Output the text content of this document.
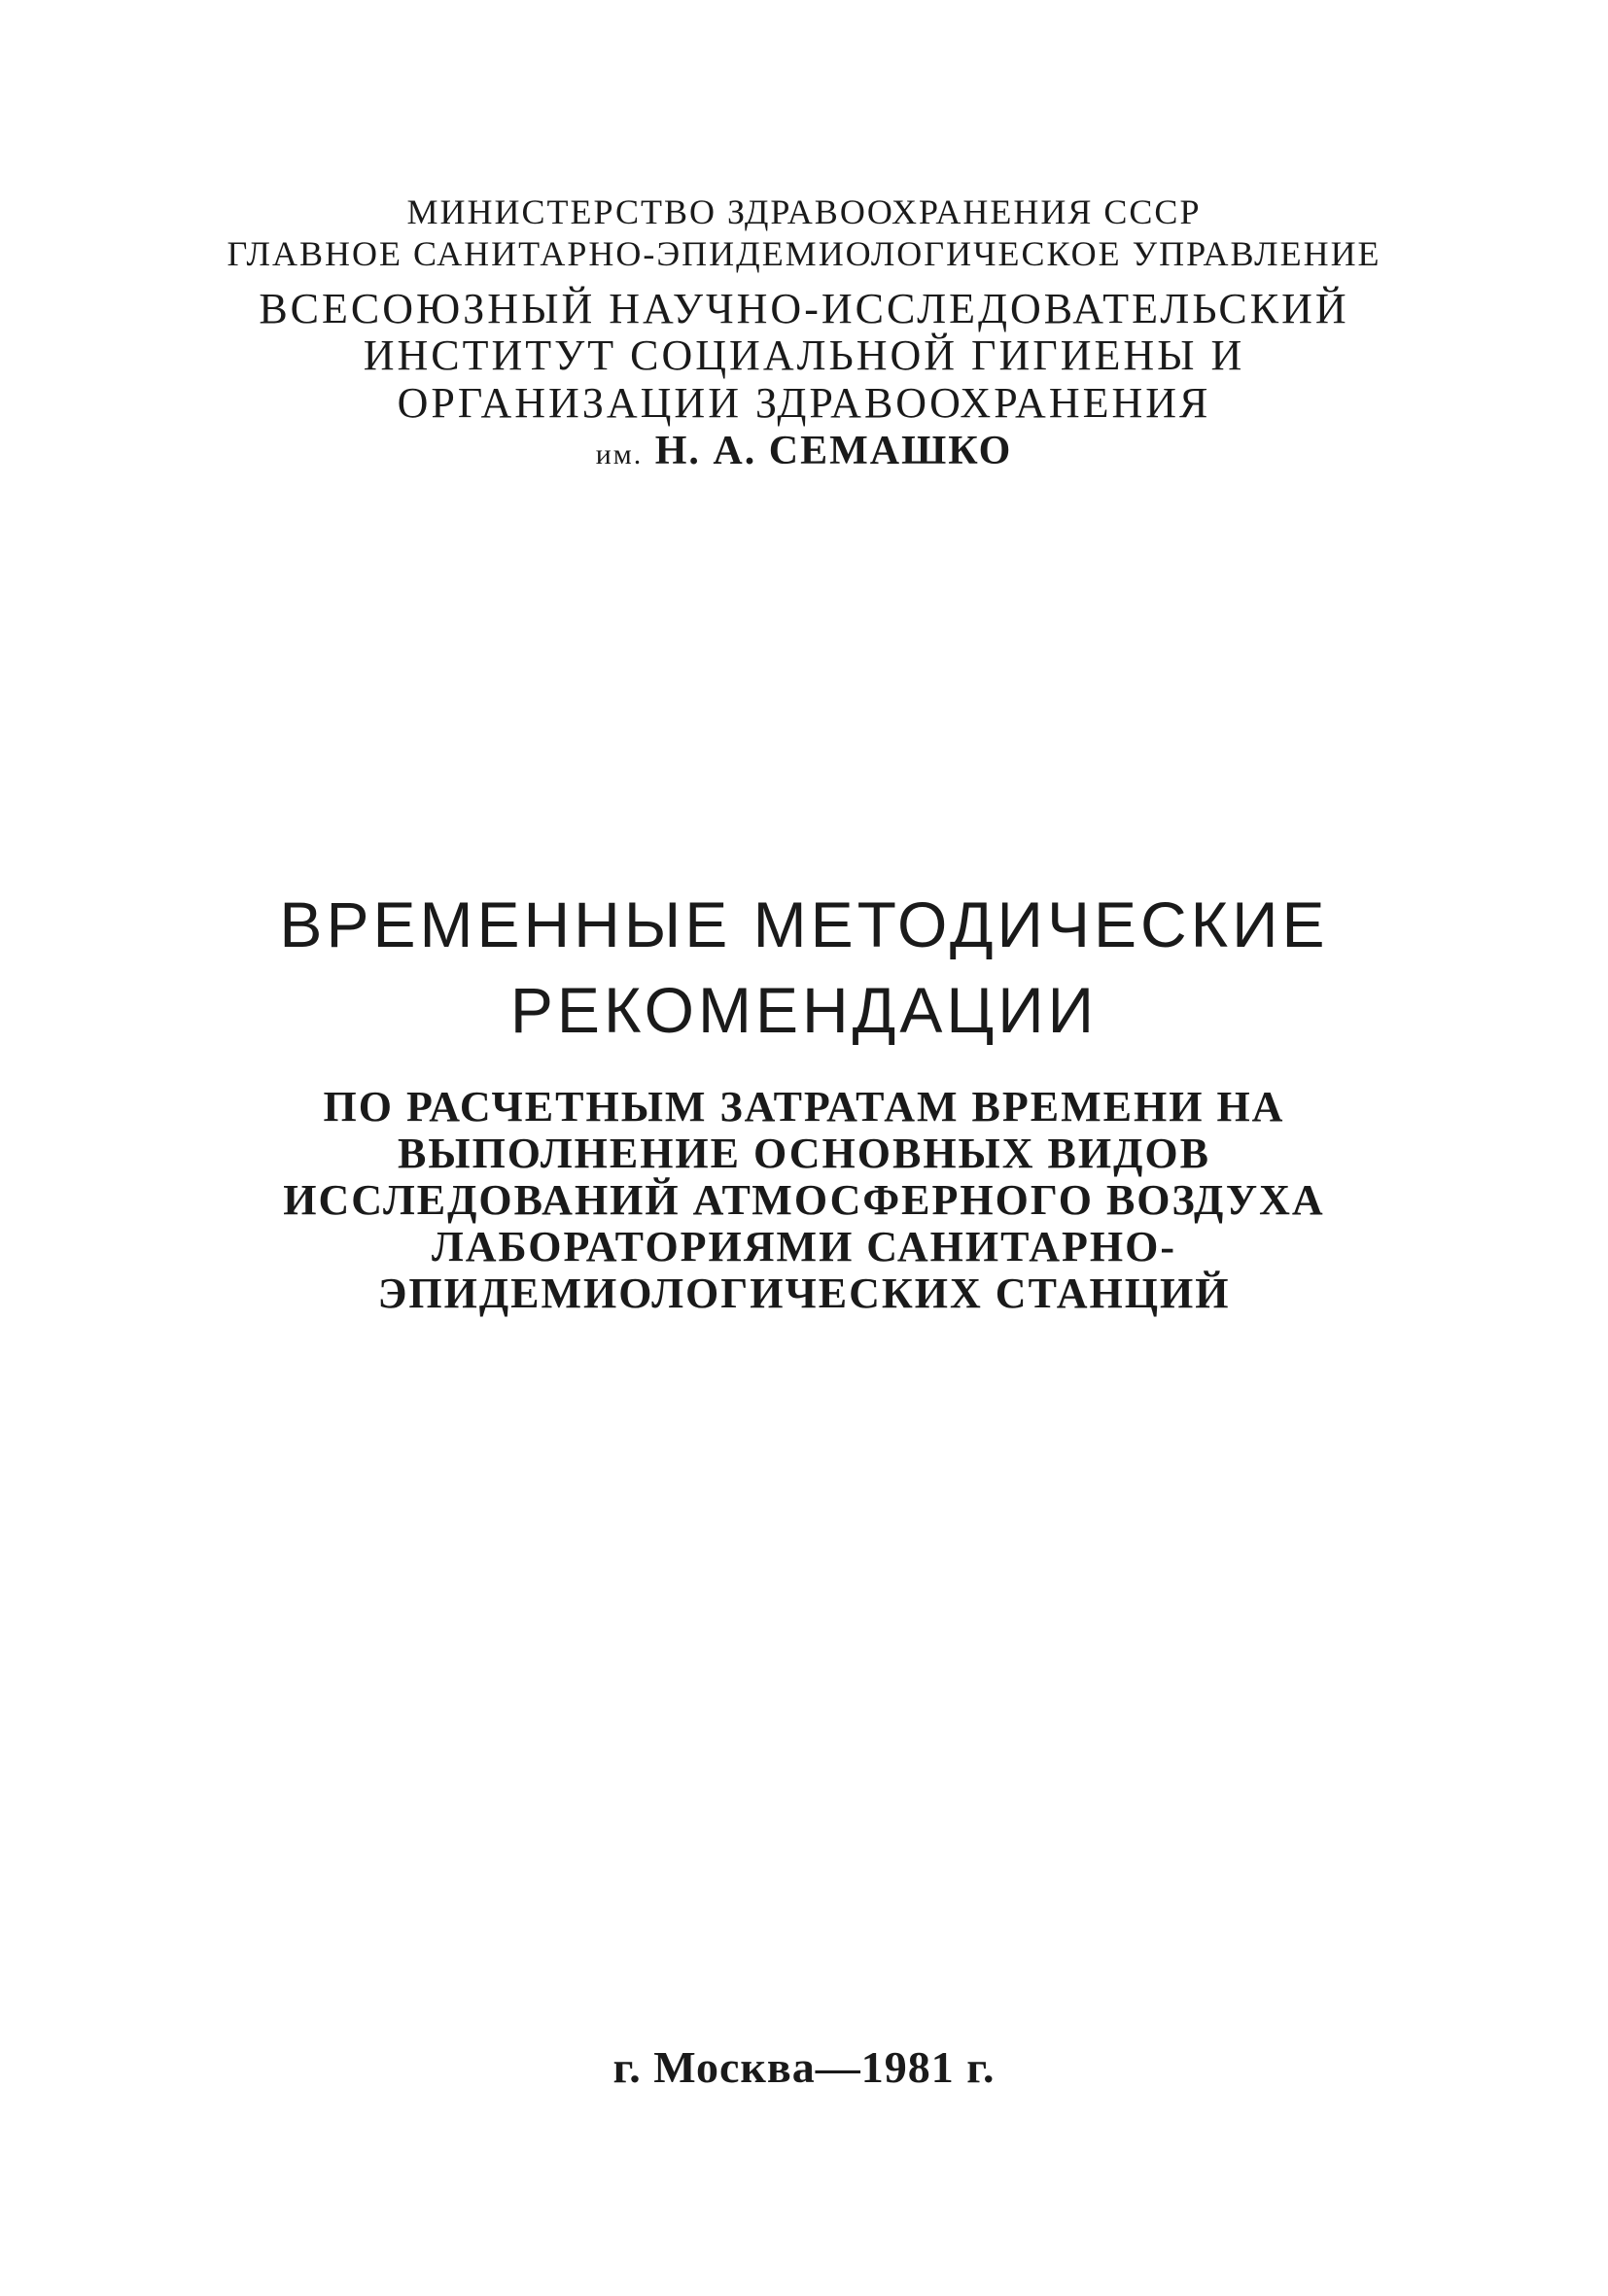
МИНИСТЕРСТВО ЗДРАВООХРАНЕНИЯ СССР
ГЛАВНОЕ САНИТАРНО-ЭПИДЕМИОЛОГИЧЕСКОЕ УПРАВЛЕНИЕ
ВСЕСОЮЗНЫЙ НАУЧНО-ИССЛЕДОВАТЕЛЬСКИЙ
ИНСТИТУТ СОЦИАЛЬНОЙ ГИГИЕНЫ И
ОРГАНИЗАЦИИ ЗДРАВООХРАНЕНИЯ
им. Н. А. СЕМАШКО
ВРЕМЕННЫЕ МЕТОДИЧЕСКИЕ
РЕКОМЕНДАЦИИ
ПО РАСЧЕТНЫМ ЗАТРАТАМ ВРЕМЕНИ НА
ВЫПОЛНЕНИЕ ОСНОВНЫХ ВИДОВ
ИССЛЕДОВАНИЙ АТМОСФЕРНОГО ВОЗДУХА
ЛАБОРАТОРИЯМИ САНИТАРНО-
ЭПИДЕМИОЛОГИЧЕСКИХ СТАНЦИЙ
г. Москва—1981 г.
